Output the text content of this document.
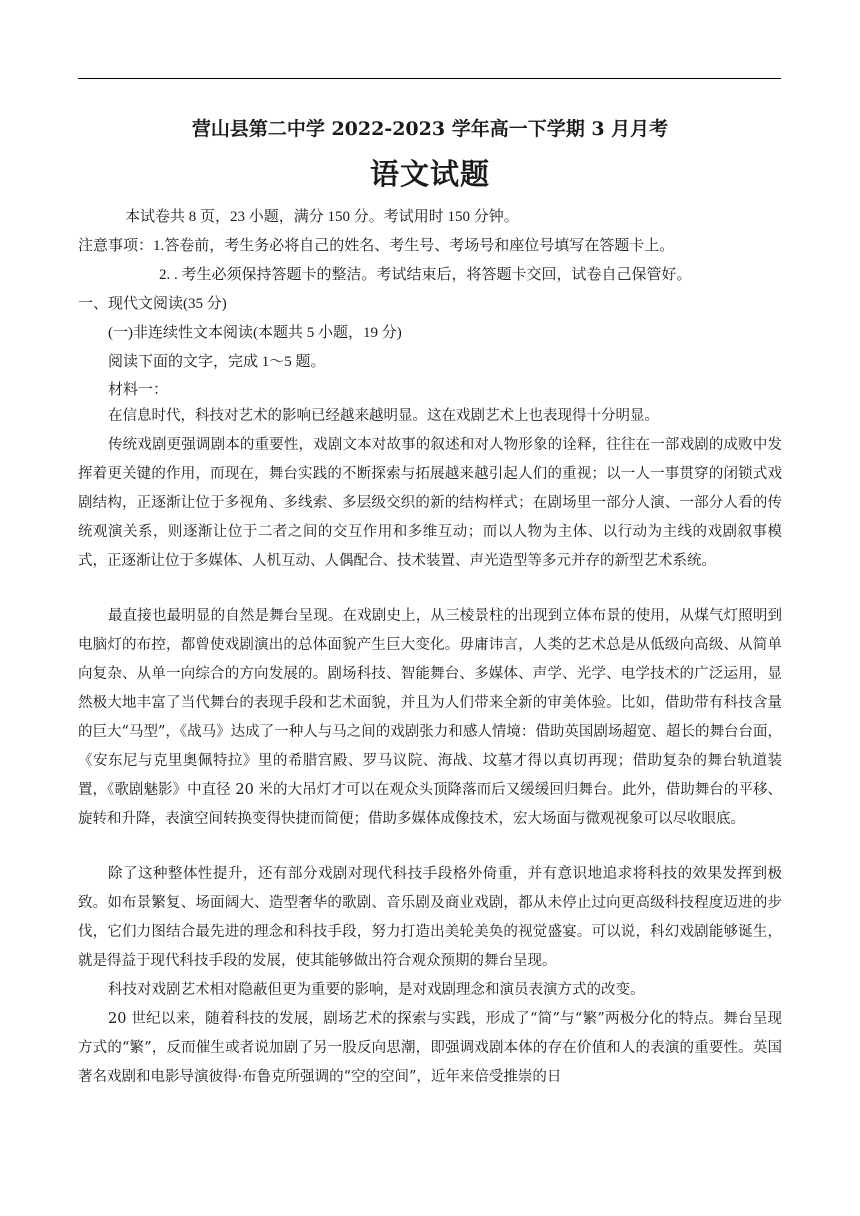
营山县第二中学 2022-2023 学年高一下学期 3 月月考
语文试题
本试卷共 8 页，23 小题，满分 150 分。考试用时 150 分钟。
注意事项：1.答卷前，考生务必将自己的姓名、考生号、考场号和座位号填写在答题卡上。
2. . 考生必须保持答题卡的整洁。考试结束后，将答题卡交回，试卷自己保管好。
一、现代文阅读(35 分)
(一)非连续性文本阅读(本题共 5 小题，19 分)
阅读下面的文字，完成 1～5 题。
材料一：
在信息时代，科技对艺术的影响已经越来越明显。这在戏剧艺术上也表现得十分明显。
传统戏剧更强调剧本的重要性，戏剧文本对故事的叙述和对人物形象的诠释，往往在一部戏剧的成败中发挥着更关键的作用，而现在，舞台实践的不断探索与拓展越来越引起人们的重视；以一人一事贯穿的闭锁式戏剧结构，正逐渐让位于多视角、多线索、多层级交织的新的结构样式；在剧场里一部分人演、一部分人看的传统观演关系，则逐渐让位于二者之间的交互作用和多维互动；而以人物为主体、以行动为主线的戏剧叙事模式，正逐渐让位于多媒体、人机互动、人偶配合、技术装置、声光造型等多元并存的新型艺术系统。
最直接也最明显的自然是舞台呈现。在戏剧史上，从三棱景柱的出现到立体布景的使用，从煤气灯照明到电脑灯的布控，都曾使戏剧演出的总体面貌产生巨大变化。毋庸讳言，人类的艺术总是从低级向高级、从简单向复杂、从单一向综合的方向发展的。剧场科技、智能舞台、多媒体、声学、光学、电学技术的广泛运用，显然极大地丰富了当代舞台的表现手段和艺术面貌，并且为人们带来全新的审美体验。比如，借助带有科技含量的巨大“马型”，《战马》达成了一种人与马之间的戏剧张力和感人情境：借助英国剧场超宽、超长的舞台台面，《安东尼与克里奥佩特拉》里的希腊宫殿、罗马议院、海战、坟墓才得以真切再现；借助复杂的舞台轨道装置，《歌剧魅影》中直径 20 米的大吊灯才可以在观众头顶降落而后又缓缓回归舞台。此外，借助舞台的平移、旋转和升降，表演空间转换变得快捷而简便；借助多媒体成像技术，宏大场面与微观视象可以尽收眼底。
除了这种整体性提升，还有部分戏剧对现代科技手段格外倚重，并有意识地追求将科技的效果发挥到极致。如布景繁复、场面阔大、造型奢华的歌剧、音乐剧及商业戏剧，都从未停止过向更高级科技程度迈进的步伐，它们力图结合最先进的理念和科技手段，努力打造出美轮美奂的视觉盛宴。可以说，科幻戏剧能够诞生，就是得益于现代科技手段的发展，使其能够做出符合观众预期的舞台呈现。
科技对戏剧艺术相对隐蔽但更为重要的影响，是对戏剧理念和演员表演方式的改变。
20 世纪以来，随着科技的发展，剧场艺术的探索与实践，形成了“简”与“繁”两极分化的特点。舞台呈现方式的“繁”，反而催生或者说加剧了另一股反向思潮，即强调戏剧本体的存在价值和人的表演的重要性。英国著名戏剧和电影导演彼得·布鲁克所强调的“空的空间”，近年来倍受推崇的日
